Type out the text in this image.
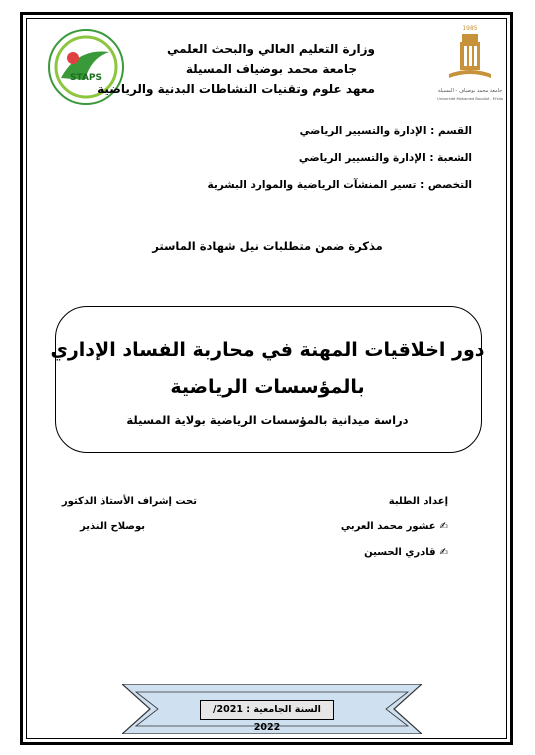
STAPS
1985
جامعة محمد بوضياف - المسيلة
Université Mohamed Boudiaf - M'sila
وزارة التعليم العالي والبحث العلمي
جامعة محمد بوضياف المسيلة
معهد علوم وتقنيات النشاطات البدنية والرياضية
القسم : الإدارة والتسيير الرياضي
الشعبة : الإدارة والتسيير الرياضي
التخصص : تسير المنشآت الرياضية والموارد البشرية
مذكرة ضمن متطلبات نيل شهادة الماستر
دور اخلاقيات المهنة في محاربة الفساد الإداري
بالمؤسسات الرياضية
دراسة ميدانية بالمؤسسات الرياضية بولاية المسيلة
إعداد الطلبة
✍عشور محمد العربي
✍قادري الحسين
تحت إشراف الأستاذ الدكتور
بوصلاح النذير
السنة الجامعية : 2021/ 2022
